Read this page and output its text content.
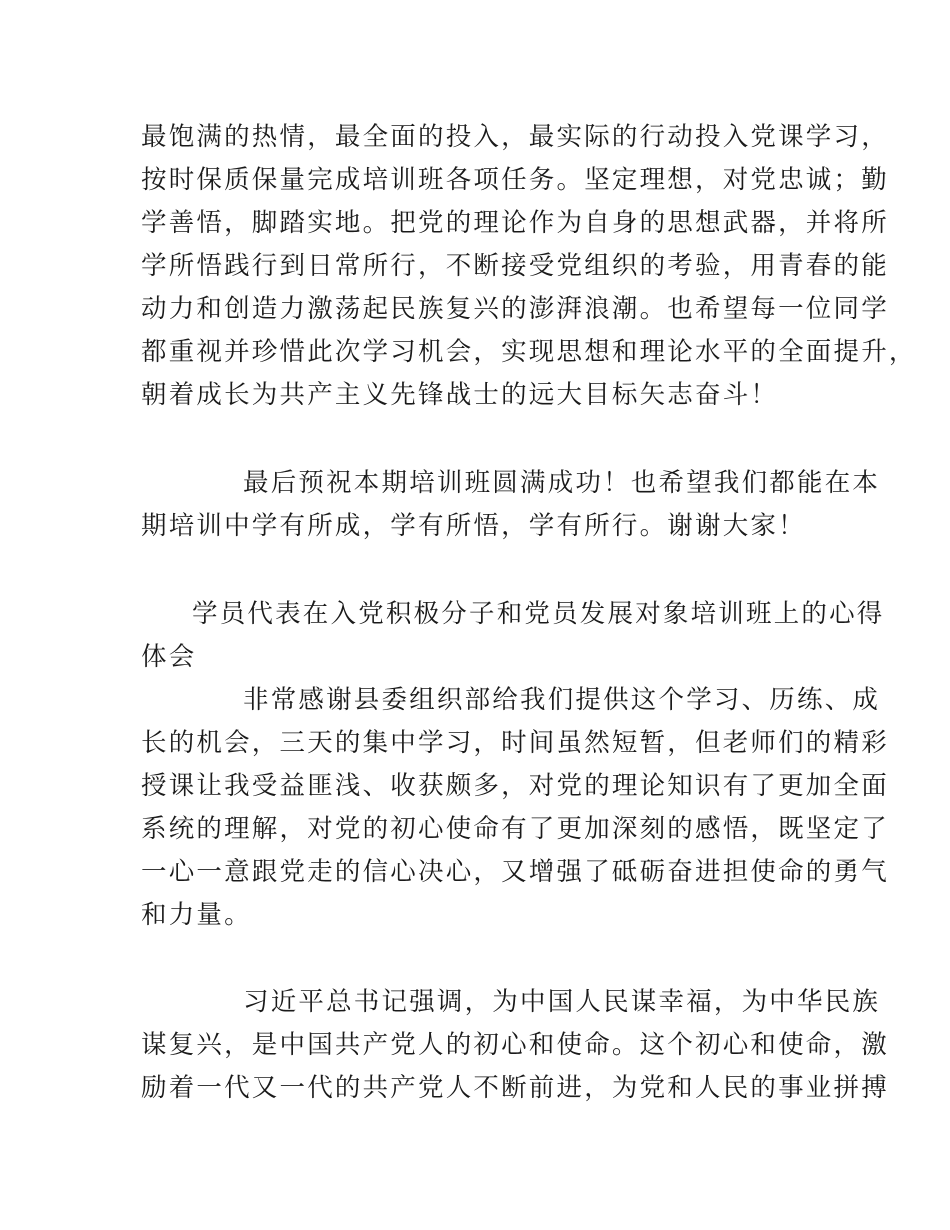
最饱满的热情，最全面的投入，最实际的行动投入党课学习，
按时保质保量完成培训班各项任务。坚定理想，对党忠诚；勤
学善悟，脚踏实地。把党的理论作为自身的思想武器，并将所
学所悟践行到日常所行，不断接受党组织的考验，用青春的能
动力和创造力激荡起民族复兴的澎湃浪潮。也希望每一位同学
都重视并珍惜此次学习机会，实现思想和理论水平的全面提升，
朝着成长为共产主义先锋战士的远大目标矢志奋斗！
最后预祝本期培训班圆满成功！也希望我们都能在本
期培训中学有所成，学有所悟，学有所行。谢谢大家！
学员代表在入党积极分子和党员发展对象培训班上的心得
体会
非常感谢县委组织部给我们提供这个学习、历练、成
长的机会，三天的集中学习，时间虽然短暂，但老师们的精彩
授课让我受益匪浅、收获颇多，对党的理论知识有了更加全面
系统的理解，对党的初心使命有了更加深刻的感悟，既坚定了
一心一意跟党走的信心决心，又增强了砥砺奋进担使命的勇气
和力量。
习近平总书记强调，为中国人民谋幸福，为中华民族
谋复兴，是中国共产党人的初心和使命。这个初心和使命，激
励着一代又一代的共产党人不断前进，为党和人民的事业拼搏
